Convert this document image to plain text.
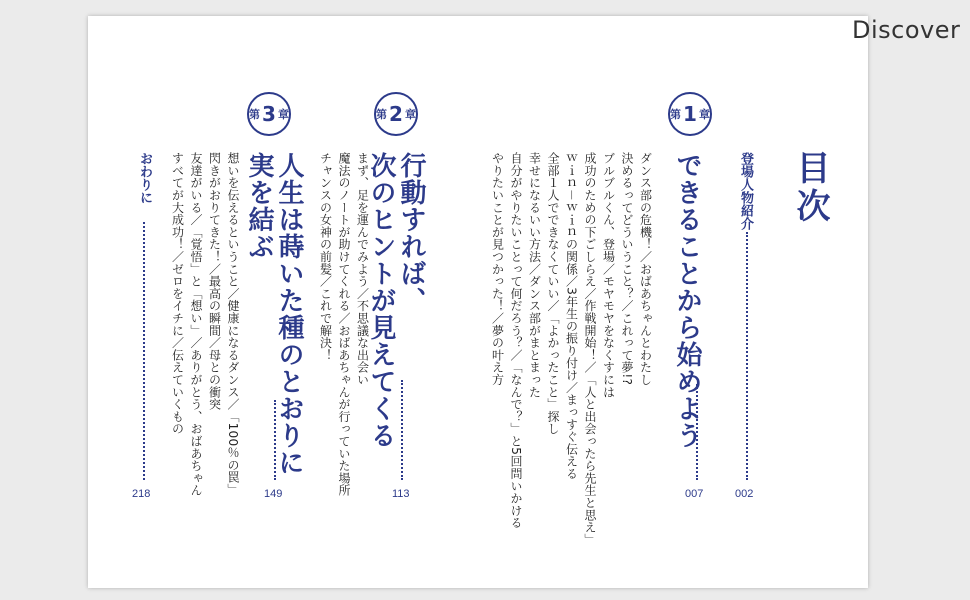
Discover
目次
登場人物紹介
002
第 1 章
できることから始めよう
007
ダンス部の危機！／おばあちゃんとわたし
決めるってどういうこと？／これって夢!?
ブルブルくん、登場／モヤモヤをなくすには
成功のための下ごしらえ／作戦開始！／「人と出会ったら先生と思え」
ｗｉｎ－ｗｉｎの関係／3年生の振り付け／まっすぐ伝える
全部１人でできなくていい／「よかったこと」探し
幸せになるいい方法／ダンス部がまとまった
自分がやりたいことって何だろう？／「なんで？」と5回問いかける
やりたいことが見つかった！／夢の叶え方
第 2 章
行動すれば、
次のヒントが見えてくる
113
まず、足を運んでみよう／不思議な出会い
魔法のノートが助けてくれる／おばあちゃんが行っていた場所
チャンスの女神の前髪／これで解決！
第 3 章
人生は蒔いた種のとおりに
実を結ぶ
149
想いを伝えるということ／健康になるダンス／「100％の罠」
閃きがおりてきた！／最高の瞬間／母との衝突
友達がいる／「覚悟」と「想い」／ありがとう、おばあちゃん
すべてが大成功！／ゼロをイチに／伝えていくもの
おわりに
218
